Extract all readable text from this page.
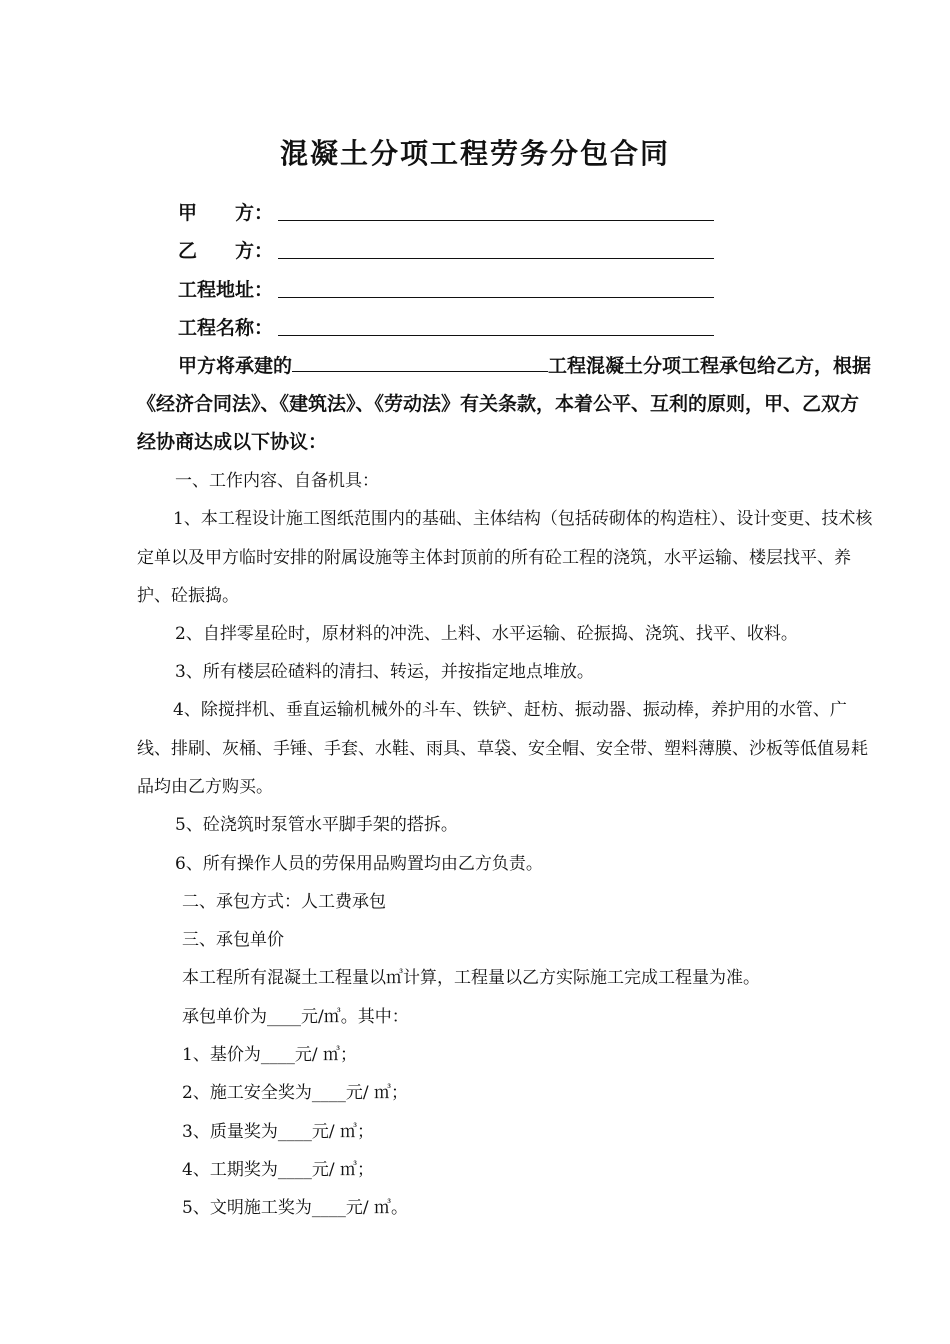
混凝土分项工程劳务分包合同
甲　　方：
乙　　方：
工程地址：
工程名称：
甲方将承建的	工程混凝土分项工程承包给乙方，根据《经济合同法》、《建筑法》、《劳动法》有关条款，本着公平、互利的原则，甲、乙双方经协商达成以下协议：
一、工作内容、自备机具：
1、本工程设计施工图纸范围内的基础、主体结构（包括砖砌体的构造柱）、设计变更、技术核定单以及甲方临时安排的附属设施等主体封顶前的所有砼工程的浇筑，水平运输、楼层找平、养护、砼振捣。
2、自拌零星砼时，原材料的冲洗、上料、水平运输、砼振捣、浇筑、找平、收料。
3、所有楼层砼碴料的清扫、转运，并按指定地点堆放。
4、除搅拌机、垂直运输机械外的斗车、铁铲、赶枋、振动器、振动棒，养护用的水管、广线、排刷、灰桶、手锤、手套、水鞋、雨具、草袋、安全帽、安全带、塑料薄膜、沙板等低值易耗品均由乙方购买。
5、砼浇筑时泵管水平脚手架的搭拆。
6、所有操作人员的劳保用品购置均由乙方负责。
二、承包方式：人工费承包
三、承包单价
本工程所有混凝土工程量以㎥计算，工程量以乙方实际施工完成工程量为准。
承包单价为____元/㎥。其中：
1、基价为____元/ ㎥；
2、施工安全奖为____元/ ㎥；
3、质量奖为____元/ ㎥；
4、工期奖为____元/ ㎥；
5、文明施工奖为____元/ ㎥。
